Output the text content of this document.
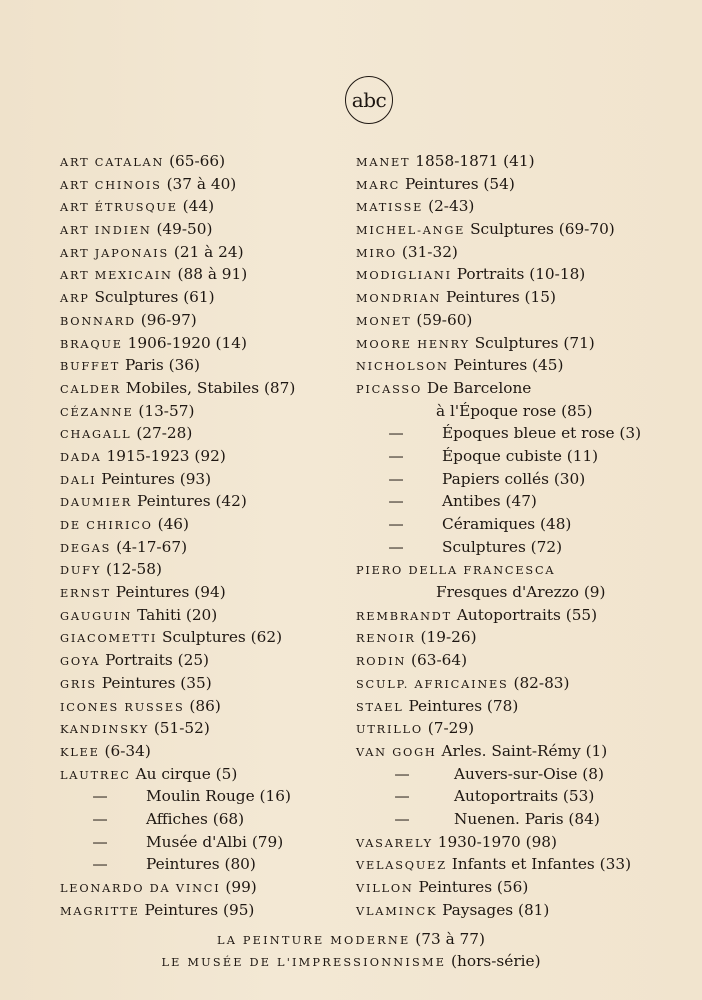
abc
ART CATALAN (65-66)
ART CHINOIS (37 à 40)
ART ÉTRUSQUE (44)
ART INDIEN (49-50)
ART JAPONAIS (21 à 24)
ART MEXICAIN (88 à 91)
ARP Sculptures (61)
BONNARD (96-97)
BRAQUE 1906-1920 (14)
BUFFET Paris (36)
CALDER Mobiles, Stabiles (87)
CÉZANNE (13-57)
CHAGALL (27-28)
DADA 1915-1923 (92)
DALI Peintures (93)
DAUMIER Peintures (42)
DE CHIRICO (46)
DEGAS (4-17-67)
DUFY (12-58)
ERNST Peintures (94)
GAUGUIN Tahiti (20)
GIACOMETTI Sculptures (62)
GOYA Portraits (25)
GRIS Peintures (35)
ICONES RUSSES (86)
KANDINSKY (51-52)
KLEE (6-34)
LAUTREC Au cirque (5)
—	Moulin Rouge (16)
—	Affiches (68)
—	Musée d'Albi (79)
—	Peintures (80)
LEONARDO DA VINCI (99)
MAGRITTE Peintures (95)
MANET 1858-1871 (41)
MARC Peintures (54)
MATISSE (2-43)
MICHEL-ANGE Sculptures (69-70)
MIRO (31-32)
MODIGLIANI Portraits (10-18)
MONDRIAN Peintures (15)
MONET (59-60)
MOORE HENRY Sculptures (71)
NICHOLSON Peintures (45)
PICASSO De Barcelone
à l'Époque rose (85)
—	Époques bleue et rose (3)
—	Époque cubiste (11)
—	Papiers collés (30)
—	Antibes (47)
—	Céramiques (48)
—	Sculptures (72)
PIERO DELLA FRANCESCA
Fresques d'Arezzo (9)
REMBRANDT Autoportraits (55)
RENOIR (19-26)
RODIN (63-64)
SCULP. AFRICAINES (82-83)
STAEL Peintures (78)
UTRILLO (7-29)
VAN GOGH Arles. Saint-Rémy (1)
—	Auvers-sur-Oise (8)
—	Autoportraits (53)
—	Nuenen. Paris (84)
VASARELY 1930-1970 (98)
VELASQUEZ Infants et Infantes (33)
VILLON Peintures (56)
VLAMINCK Paysages (81)
LA PEINTURE MODERNE (73 à 77)
LE MUSÉE DE L'IMPRESSIONNISME (hors-série)
